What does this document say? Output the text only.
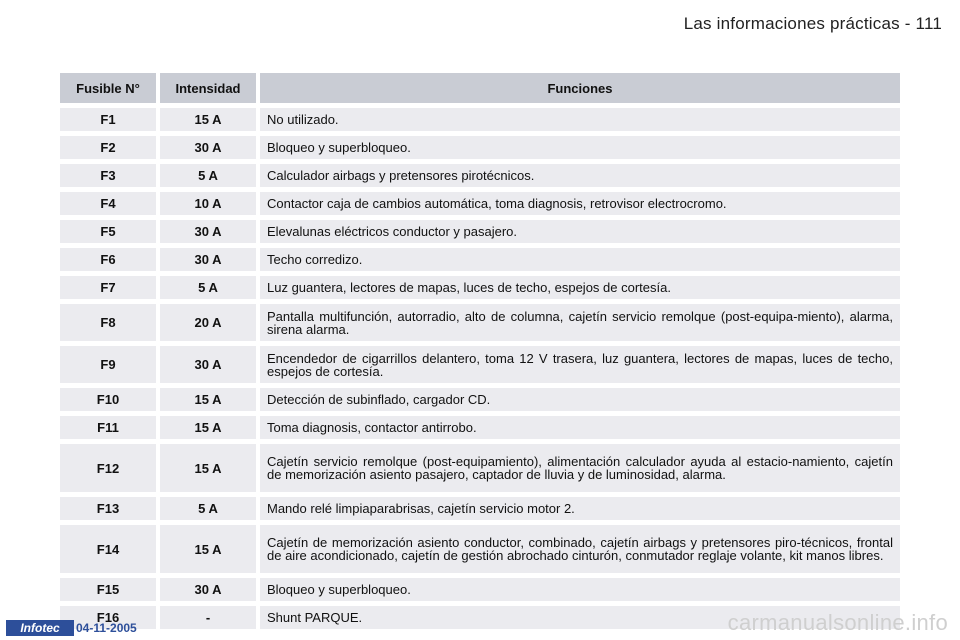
Las informaciones prácticas - 111
Fusible N°	Intensidad	Funciones
F1	15 A	No utilizado.
F2	30 A	Bloqueo y superbloqueo.
F3	5 A	Calculador airbags y pretensores pirotécnicos.
F4	10 A	Contactor caja de cambios automática, toma diagnosis, retrovisor electrocromo.
F5	30 A	Elevalunas eléctricos conductor y pasajero.
F6	30 A	Techo corredizo.
F7	5 A	Luz guantera, lectores de mapas, luces de techo, espejos de cortesía.
F8	20 A	Pantalla multifunción, autorradio, alto de columna, cajetín servicio remolque (post-equipa-miento), alarma, sirena alarma.
F9	30 A	Encendedor de cigarrillos delantero, toma 12 V trasera, luz guantera, lectores de mapas, luces de techo, espejos de cortesía.
F10	15 A	Detección de subinflado, cargador CD.
F11	15 A	Toma diagnosis, contactor antirrobo.
F12	15 A	Cajetín servicio remolque (post-equipamiento), alimentación calculador ayuda al estacio-namiento, cajetín de memorización asiento pasajero, captador de lluvia y de luminosidad, alarma.
F13	5 A	Mando relé limpiaparabrisas, cajetín servicio motor 2.
F14	15 A	Cajetín de memorización asiento conductor, combinado, cajetín airbags y pretensores piro-técnicos, frontal de aire acondicionado, cajetín de gestión abrochado cinturón, conmutador reglaje volante, kit manos libres.
F15	30 A	Bloqueo y superbloqueo.
F16	-	Shunt PARQUE.
Infotec	04-11-2005	carmanualsonline.info
